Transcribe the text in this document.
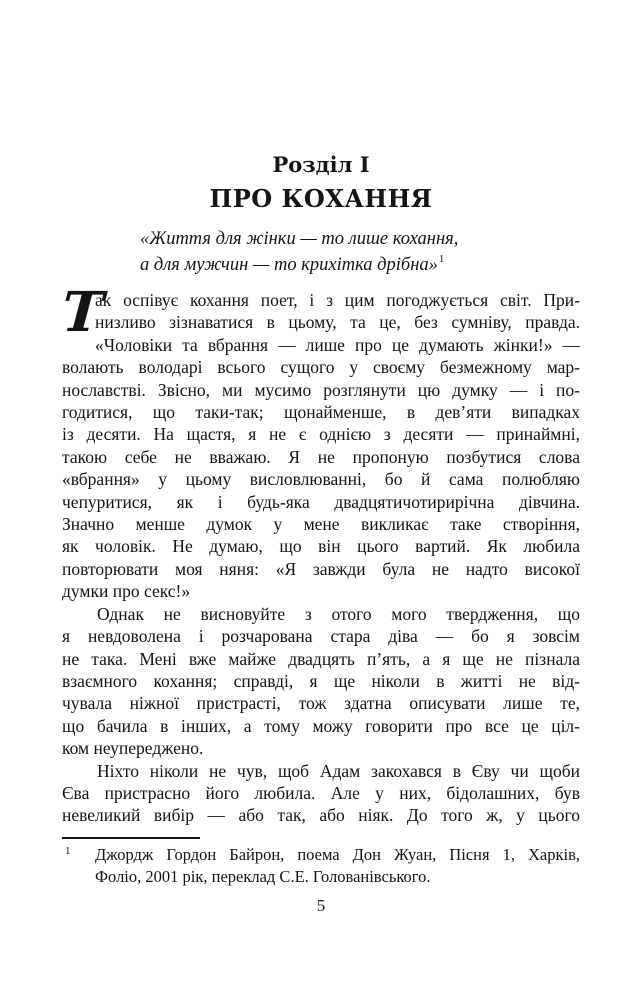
Розділ I
ПРО КОХАННЯ
«Життя для жінки — то лише кохання,
а для мужчин — то крихітка дрібна»$^1$
Т
ак оспівує кохання поет, і з цим погоджується світ. При-
низливо зізнаватися в цьому, та це, без сумніву, правда.
«Чоловіки та вбрання — лише про це думають жінки!» —
волають володарі всього сущого у своєму безмежному мар-
нославстві. Звісно, ми мусимо розглянути цю думку — і по-
годитися, що таки-так; щонайменше, в дев’яти випадках
із десяти. На щастя, я не є однією з десяти — принаймні,
такою себе не вважаю. Я не пропоную позбутися слова
«вбрання» у цьому висловлюванні, бо й сама полюбляю
чепуритися, як і будь-яка двадцятичотирирічна дівчина.
Значно менше думок у мене викликає таке створіння,
як чоловік. Не думаю, що він цього вартий. Як любила
повторювати моя няня: «Я завжди була не надто високої
думки про секс!»
Однак не висновуйте з отого мого твердження, що
я невдоволена і розчарована стара діва — бо я зовсім
не така. Мені вже майже двадцять п’ять, а я ще не пізнала
взаємного кохання; справді, я ще ніколи в житті не від-
чувала ніжної пристрасті, тож здатна описувати лише те,
що бачила в інших, а тому можу говорити про все це ціл-
ком неупереджено.
Ніхто ніколи не чув, щоб Адам закохався в Єву чи щоби
Єва пристрасно його любила. Але у них, бідолашних, був
невеликий вибір — або так, або ніяк. До того ж, у цього
1 Джордж Гордон Байрон, поема Дон Жуан, Пісня 1, Харків,
Фоліо, 2001 рік, переклад С.Е. Голованівського.
5
